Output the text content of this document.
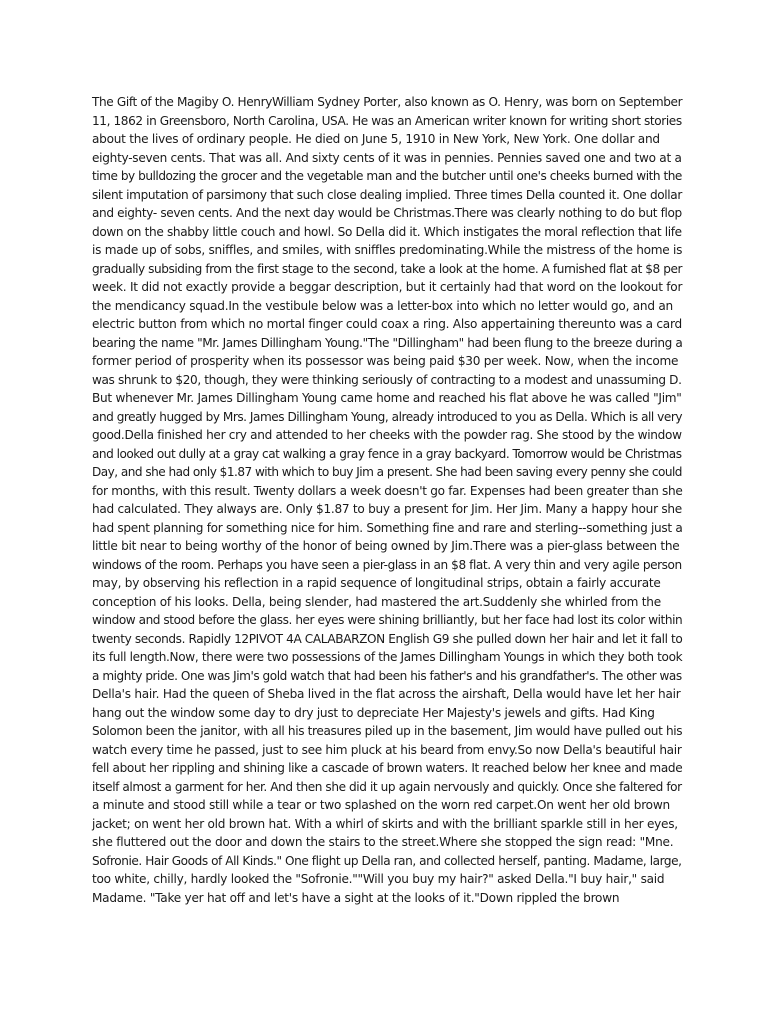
The Gift of the Magiby O. HenryWilliam Sydney Porter, also known as O. Henry, was born on September
11, 1862 in Greensboro, North Carolina, USA. He was an American writer known for writing short stories
about the lives of ordinary people. He died on June 5, 1910 in New York, New York. One dollar and
eighty-seven cents. That was all. And sixty cents of it was in pennies. Pennies saved one and two at a
time by bulldozing the grocer and the vegetable man and the butcher until one's cheeks burned with the
silent imputation of parsimony that such close dealing implied. Three times Della counted it. One dollar
and eighty- seven cents. And the next day would be Christmas.There was clearly nothing to do but flop
down on the shabby little couch and howl. So Della did it. Which instigates the moral reflection that life
is made up of sobs, sniffles, and smiles, with sniffles predominating.While the mistress of the home is
gradually subsiding from the first stage to the second, take a look at the home. A furnished flat at $8 per
week. It did not exactly provide a beggar description, but it certainly had that word on the lookout for
the mendicancy squad.In the vestibule below was a letter-box into which no letter would go, and an
electric button from which no mortal finger could coax a ring. Also appertaining thereunto was a card
bearing the name "Mr. James Dillingham Young."The "Dillingham" had been flung to the breeze during a
former period of prosperity when its possessor was being paid $30 per week. Now, when the income
was shrunk to $20, though, they were thinking seriously of contracting to a modest and unassuming D.
But whenever Mr. James Dillingham Young came home and reached his flat above he was called "Jim"
and greatly hugged by Mrs. James Dillingham Young, already introduced to you as Della. Which is all very
good.Della finished her cry and attended to her cheeks with the powder rag. She stood by the window
and looked out dully at a gray cat walking a gray fence in a gray backyard. Tomorrow would be Christmas
Day, and she had only $1.87 with which to buy Jim a present. She had been saving every penny she could
for months, with this result. Twenty dollars a week doesn't go far. Expenses had been greater than she
had calculated. They always are. Only $1.87 to buy a present for Jim. Her Jim. Many a happy hour she
had spent planning for something nice for him. Something fine and rare and sterling--something just a
little bit near to being worthy of the honor of being owned by Jim.There was a pier-glass between the
windows of the room. Perhaps you have seen a pier-glass in an $8 flat. A very thin and very agile person
may, by observing his reflection in a rapid sequence of longitudinal strips, obtain a fairly accurate
conception of his looks. Della, being slender, had mastered the art.Suddenly she whirled from the
window and stood before the glass. her eyes were shining brilliantly, but her face had lost its color within
twenty seconds. Rapidly 12PIVOT 4A CALABARZON English G9 she pulled down her hair and let it fall to
its full length.Now, there were two possessions of the James Dillingham Youngs in which they both took
a mighty pride. One was Jim's gold watch that had been his father's and his grandfather's. The other was
Della's hair. Had the queen of Sheba lived in the flat across the airshaft, Della would have let her hair
hang out the window some day to dry just to depreciate Her Majesty's jewels and gifts. Had King
Solomon been the janitor, with all his treasures piled up in the basement, Jim would have pulled out his
watch every time he passed, just to see him pluck at his beard from envy.So now Della's beautiful hair
fell about her rippling and shining like a cascade of brown waters. It reached below her knee and made
itself almost a garment for her. And then she did it up again nervously and quickly. Once she faltered for
a minute and stood still while a tear or two splashed on the worn red carpet.On went her old brown
jacket; on went her old brown hat. With a whirl of skirts and with the brilliant sparkle still in her eyes,
she fluttered out the door and down the stairs to the street.Where she stopped the sign read: "Mne.
Sofronie. Hair Goods of All Kinds." One flight up Della ran, and collected herself, panting. Madame, large,
too white, chilly, hardly looked the "Sofronie.""Will you buy my hair?" asked Della."I buy hair," said
Madame. "Take yer hat off and let's have a sight at the looks of it."Down rippled the brown
